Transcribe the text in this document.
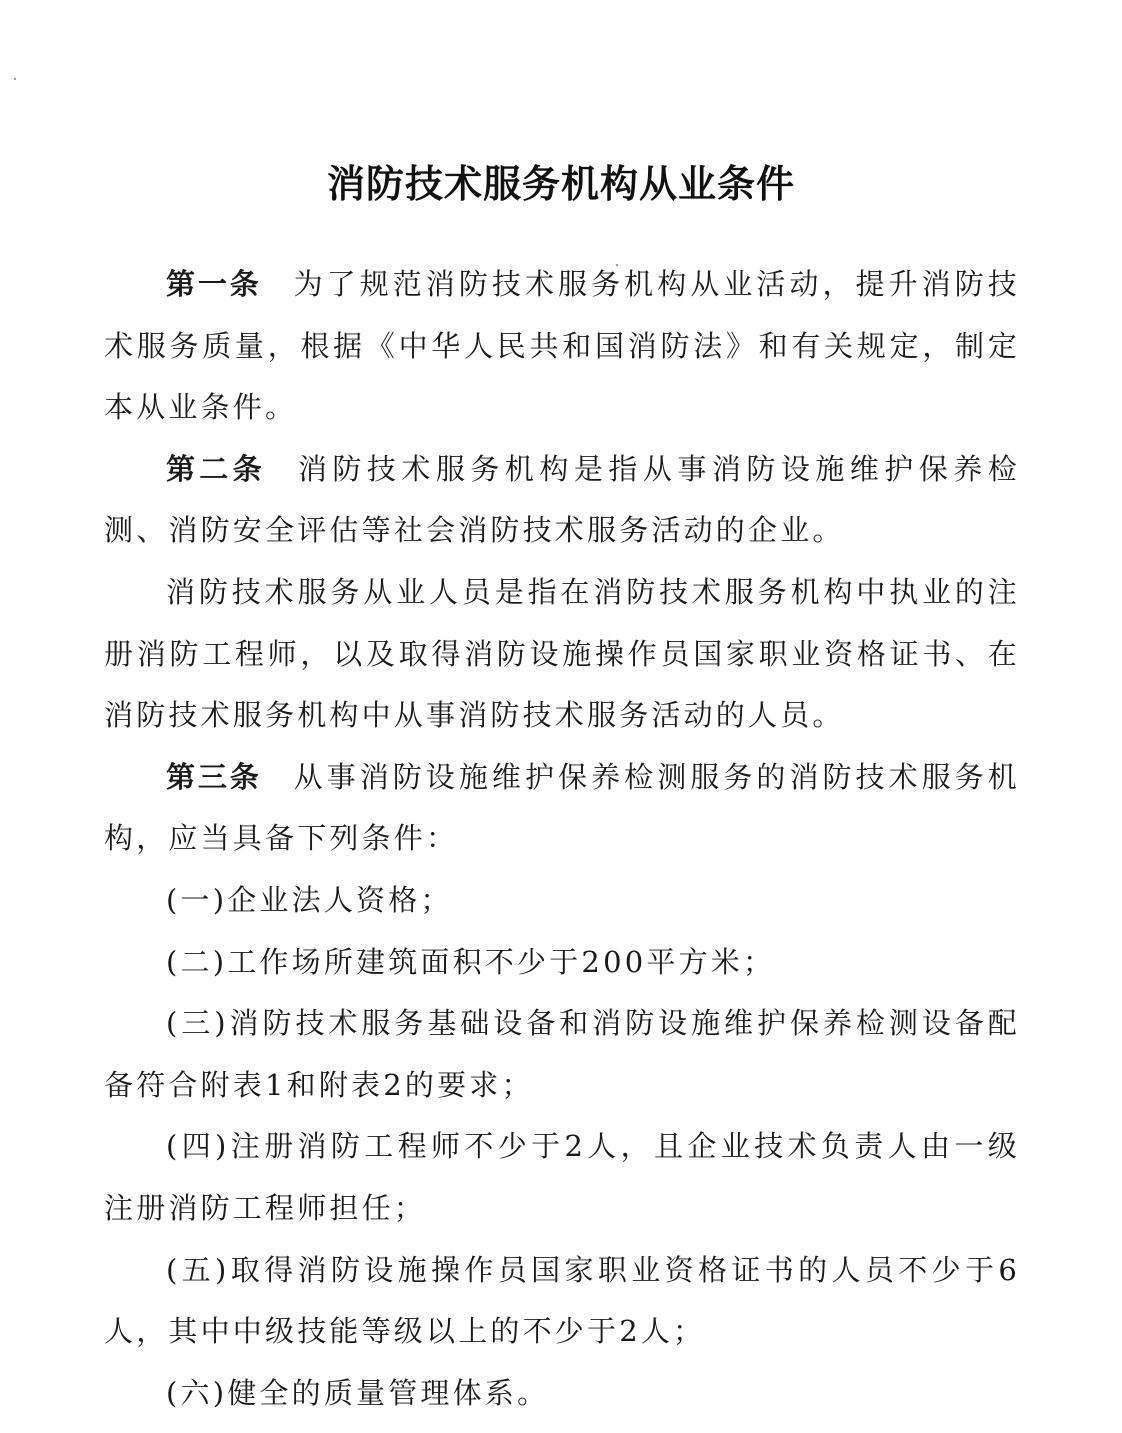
消防技术服务机构从业条件

第一条 为了规范消防技术服务机构从业活动，提升消防技术服务质量，根据《中华人民共和国消防法》和有关规定，制定本从业条件。

第二条 消防技术服务机构是指从事消防设施维护保养检测、消防安全评估等社会消防技术服务活动的企业。

消防技术服务从业人员是指在消防技术服务机构中执业的注册消防工程师，以及取得消防设施操作员国家职业资格证书、在消防技术服务机构中从事消防技术服务活动的人员。

第三条 从事消防设施维护保养检测服务的消防技术服务机构，应当具备下列条件：

(一)企业法人资格；

(二)工作场所建筑面积不少于200平方米；

(三)消防技术服务基础设备和消防设施维护保养检测设备配备符合附表1和附表2的要求；

(四)注册消防工程师不少于2人，且企业技术负责人由一级注册消防工程师担任；

(五)取得消防设施操作员国家职业资格证书的人员不少于6人，其中中级技能等级以上的不少于2人；

(六)健全的质量管理体系。
